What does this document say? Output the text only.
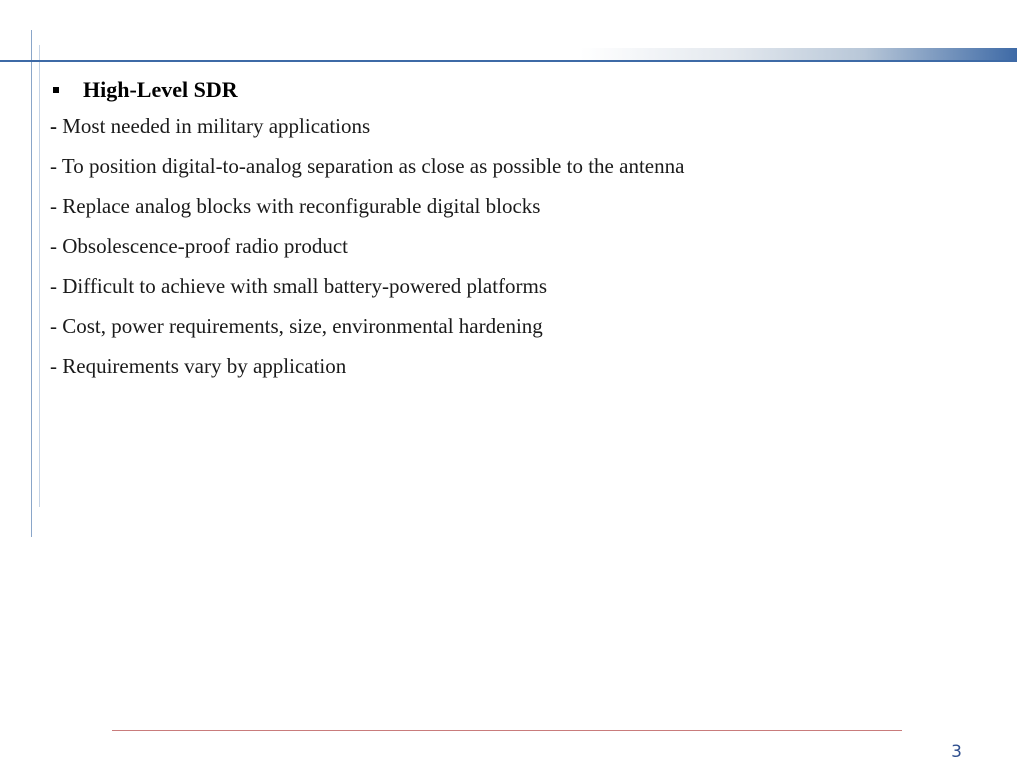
High-Level SDR
- Most needed in military applications
- To position digital-to-analog separation as close as possible to the antenna
- Replace analog blocks with reconfigurable digital blocks
- Obsolescence-proof radio product
- Difficult to achieve with small battery-powered platforms
- Cost, power requirements, size, environmental hardening
- Requirements vary by application
3
